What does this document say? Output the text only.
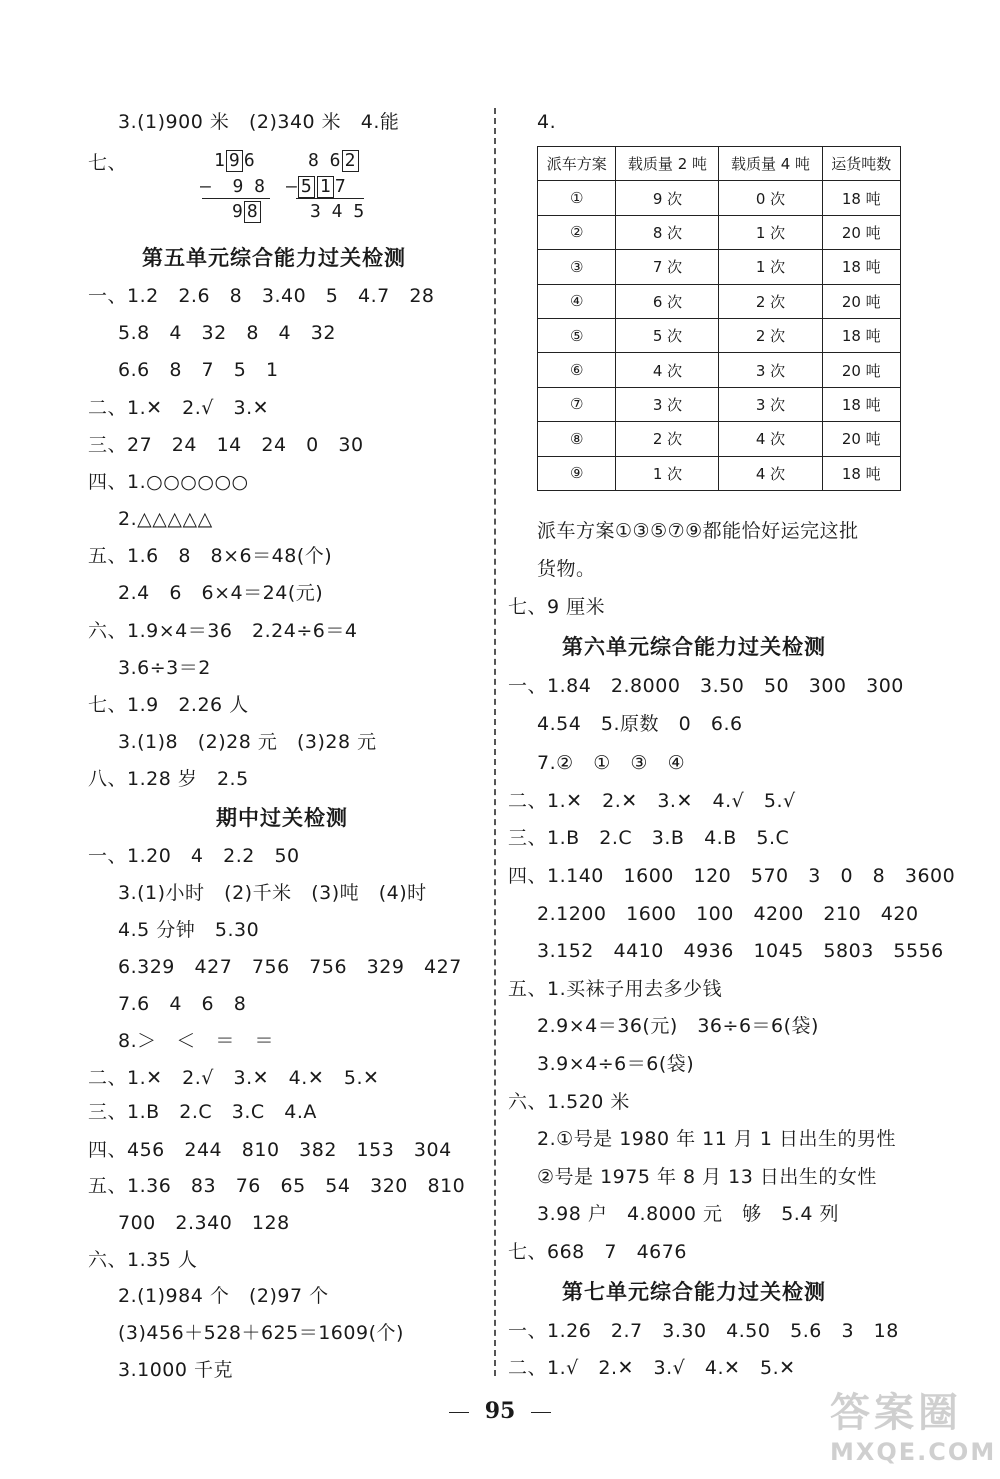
3.(1)900 米   (2)340 米   4.能
七、	1 9 6
–  9 8
9 8
8 6 2
– 5 1 7
3 4 5
第五单元综合能力过关检测
一、1.2   2.6   8   3.40   5   4.7   28
5.8   4   32   8   4   32
6.6   8   7   5   1
二、1.✕   2.√   3.✕
三、27   24   14   24   0   30
四、1.○○○○○○
2.△△△△△
五、1.6   8   8×6＝48(个)
2.4   6   6×4＝24(元)
六、1.9×4＝36   2.24÷6＝4
3.6÷3＝2
七、1.9   2.26 人
3.(1)8   (2)28 元   (3)28 元
八、1.28 岁   2.5
期中过关检测
一、1.20   4   2.2   50
3.(1)小时   (2)千米   (3)吨   (4)时
4.5 分钟   5.30
6.329   427   756   756   329   427
7.6   4   6   8
8.＞   ＜   ＝   ＝
二、1.✕   2.√   3.✕   4.✕   5.✕
三、1.B   2.C   3.C   4.A
四、456   244   810   382   153   304
五、1.36   83   76   65   54   320   810
700   2.340   128
六、1.35 人
2.(1)984 个   (2)97 个
(3)456＋528＋625＝1609(个)
3.1000 千克
4.
派车方案	载质量 2 吨	载质量 4 吨	运货吨数
①	9 次	0 次	18 吨
②	8 次	1 次	20 吨
③	7 次	1 次	18 吨
④	6 次	2 次	20 吨
⑤	5 次	2 次	18 吨
⑥	4 次	3 次	20 吨
⑦	3 次	3 次	18 吨
⑧	2 次	4 次	20 吨
⑨	1 次	4 次	18 吨
派车方案①③⑤⑦⑨都能恰好运完这批
货物。
七、9 厘米
第六单元综合能力过关检测
一、1.84   2.8000   3.50   50   300   300
4.54   5.原数   0   6.6
7.②   ①   ③   ④
二、1.✕   2.✕   3.✕   4.√   5.√
三、1.B   2.C   3.B   4.B   5.C
四、1.140   1600   120   570   3   0   8   3600
2.1200   1600   100   4200   210   420
3.152   4410   4936   1045   5803   5556
五、1.买袜子用去多少钱
2.9×4＝36(元)   36÷6＝6(袋)
3.9×4÷6＝6(袋)
六、1.520 米
2.①号是 1980 年 11 月 1 日出生的男性
②号是 1975 年 8 月 13 日出生的女性
3.98 户   4.8000 元   够   5.4 列
七、668   7   4676
第七单元综合能力过关检测
一、1.26   2.7   3.30   4.50   5.6   3   18
二、1.√   2.✕   3.√   4.✕   5.✕
95	答案圈
MXQE.COM
